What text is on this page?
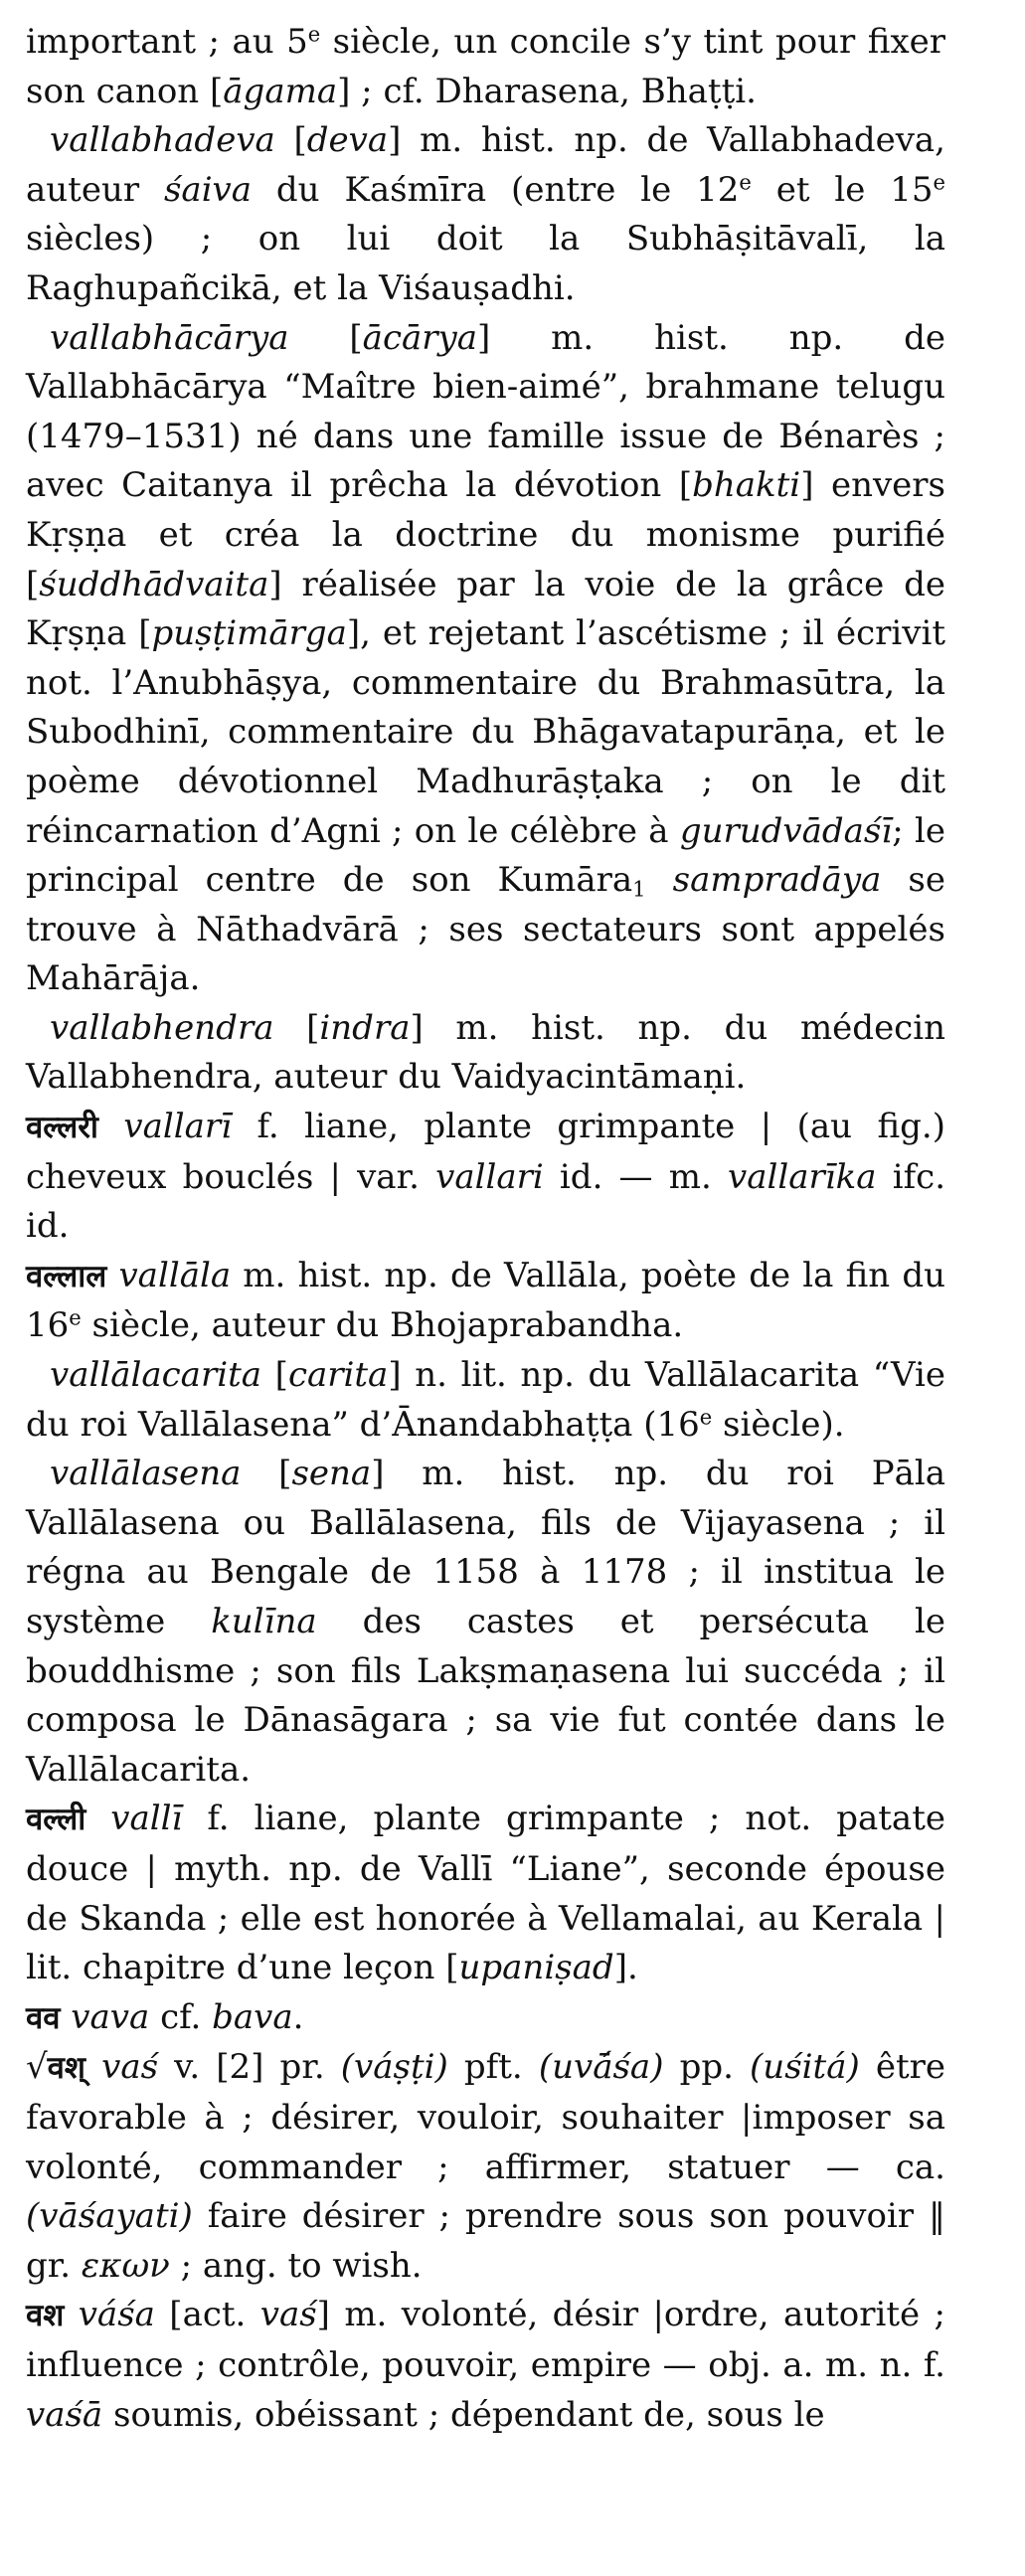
important ; au 5e siècle, un concile s’y tint pour fixer son canon [āgama] ; cf. Dharasena, Bhaṭṭi.

vallabhadeva [deva] m. hist. np. de Vallabhadeva, auteur śaiva du Kaśmīra (entre le 12e et le 15e siècles) ; on lui doit la Subhāṣitāvalī, la Raghupañcikā, et la Viśauṣadhi.

vallabhācārya [ācārya] m. hist. np. de Vallabhācārya “Maître bien-aimé”, brahmane telugu (1479–1531) né dans une famille issue de Bénarès ; avec Caitanya il prêcha la dévotion [bhakti] envers Kṛṣṇa et créa la doctrine du monisme purifié [śuddhādvaita] réalisée par la voie de la grâce de Kṛṣṇa [puṣṭimārga], et rejetant l’ascétisme ; il écrivit not. l’Anubhāṣya, commentaire du Brahmasūtra, la Subodhinī, commentaire du Bhāgavatapurāṇa, et le poème dévotionnel Madhurāṣṭaka ; on le dit réincarnation d’Agni ; on le célèbre à gurudvādaśī; le principal centre de son Kumāra$_1$ sampradāya se trouve à Nāthadvārā ; ses sectateurs sont appelés Mahārāja.

vallabhendra [indra] m. hist. np. du médecin Vallabhendra, auteur du Vaidyacintāmaṇi.

वल्लरी vallarī f. liane, plante grimpante | (au fig.) cheveux bouclés | var. vallari id. — m. vallarīka ifc. id.

वल्लाल vallāla m. hist. np. de Vallāla, poète de la fin du 16e siècle, auteur du Bhojaprabandha.

vallālacarita [carita] n. lit. np. du Vallālacarita “Vie du roi Vallālasena” d’Ānandabhaṭṭa (16e siècle).

vallālasena [sena] m. hist. np. du roi Pāla Vallālasena ou Ballālasena, fils de Vijayasena ; il régna au Bengale de 1158 à 1178 ; il institua le système kulīna des castes et persécuta le bouddhisme ; son fils Lakṣmaṇasena lui succéda ; il composa le Dānasāgara ; sa vie fut contée dans le Vallālacarita.

वल्ली vallī f. liane, plante grimpante ; not. patate douce | myth. np. de Vallī “Liane”, seconde épouse de Skanda ; elle est honorée à Vellamalai, au Kerala | lit. chapitre d’une leçon [upaniṣad].

वव vava cf. bava.

√वश् vaś v. [2] pr. (váṣṭi) pft. (uvā́śa) pp. (uśitá) être favorable à ; désirer, vouloir, souhaiter |imposer sa volonté, commander ; affirmer, statuer — ca. (vāśayati) faire désirer ; prendre sous son pouvoir ‖ gr. εκων ; ang. to wish.

वश váśa [act. vaś] m. volonté, désir |ordre, autorité ; influence ; contrôle, pouvoir, empire — obj. a. m. n. f. vaśā soumis, obéissant ; dépendant de, sous le
